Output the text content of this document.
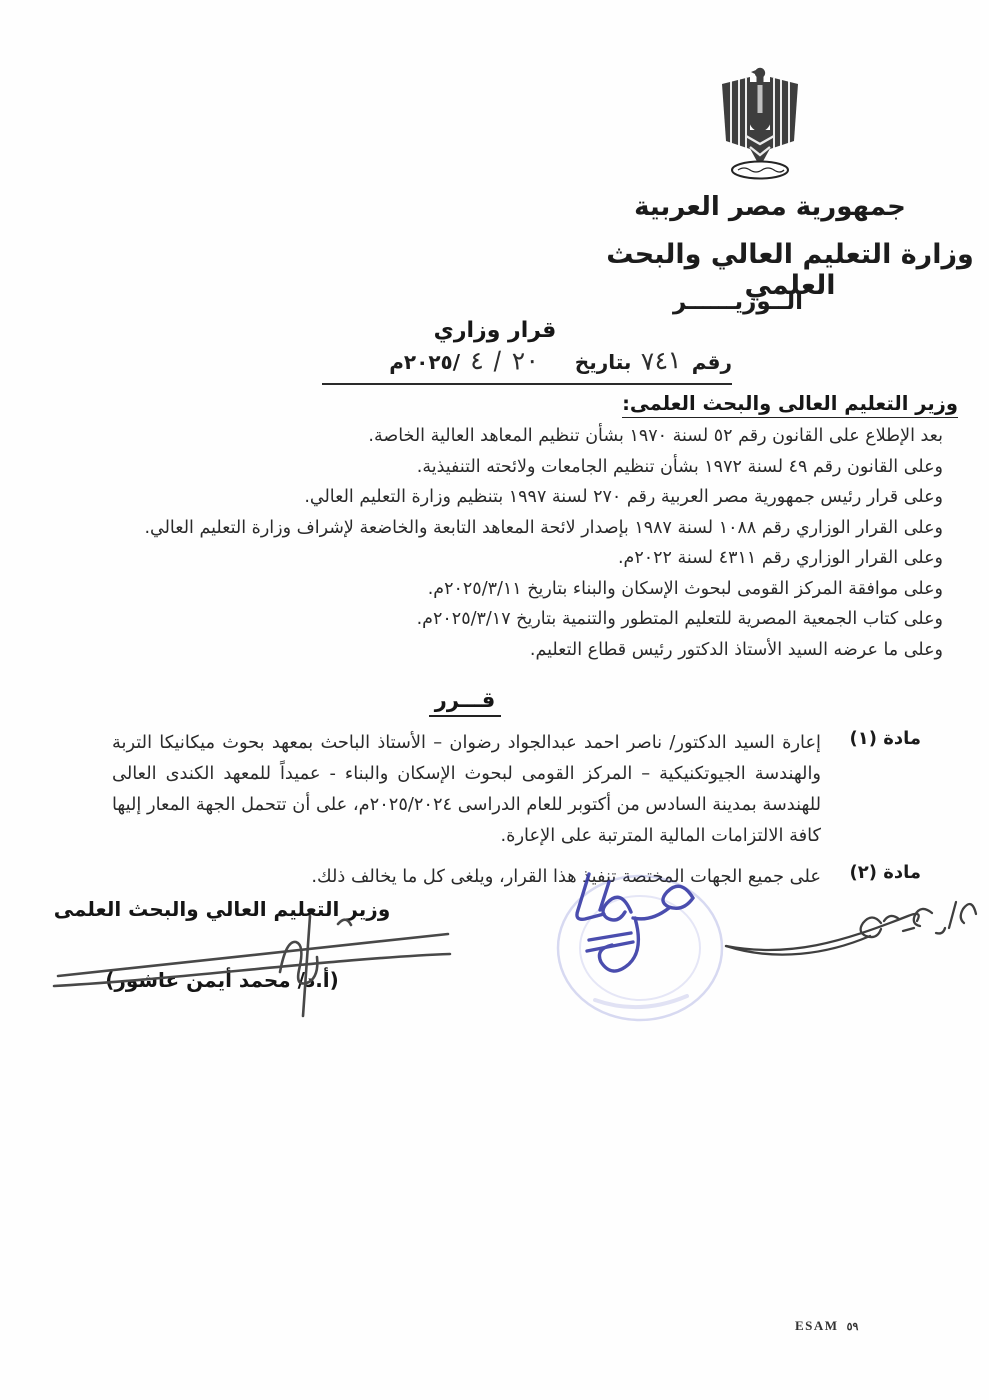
جمهورية مصر العربية
وزارة التعليم العالي والبحث العلمي
الــوزيــــــر
قرار وزاري
رقم
٧٤١
بتاريخ
٢٠
/
٤
/٢٠٢٥م
وزير التعليم العالى والبحث العلمى:
بعد الإطلاع على القانون رقم ٥٢ لسنة ١٩٧٠ بشأن تنظيم المعاهد العالية الخاصة.
وعلى القانون رقم ٤٩ لسنة ١٩٧٢ بشأن تنظيم الجامعات ولائحته التنفيذية.
وعلى قرار رئيس جمهورية مصر العربية رقم ٢٧٠ لسنة ١٩٩٧ بتنظيم وزارة التعليم العالي.
وعلى القرار الوزاري رقم ١٠٨٨ لسنة ١٩٨٧ بإصدار لائحة المعاهد التابعة والخاضعة لإشراف وزارة التعليم العالي.
وعلى القرار الوزاري رقم ٤٣١١ لسنة ٢٠٢٢م.
وعلى موافقة المركز القومى لبحوث الإسكان والبناء بتاريخ ٢٠٢٥/٣/١١م.
وعلى كتاب الجمعية المصرية للتعليم المتطور والتنمية بتاريخ ٢٠٢٥/٣/١٧م.
وعلى ما عرضه السيد الأستاذ الدكتور رئيس قطاع التعليم.
قـــرر
مادة (١)
إعارة السيد الدكتور/ ناصر احمد عبدالجواد رضوان – الأستاذ الباحث بمعهد بحوث ميكانيكا التربة والهندسة الجيوتكنيكية – المركز القومى لبحوث الإسكان والبناء - عميداً للمعهد الكندى العالى للهندسة بمدينة السادس من أكتوبر للعام الدراسى ٢٠٢٥/٢٠٢٤م، على أن تتحمل الجهة المعار إليها كافة الالتزامات المالية المترتبة على الإعارة.
مادة (٢)
على جميع الجهات المختصة تنفيذ هذا القرار، ويلغى كل ما يخالف ذلك.
وزير التعليم العالي والبحث العلمى
(أ.د/ محمد أيمن عاشور)
ESAM ٥٩
